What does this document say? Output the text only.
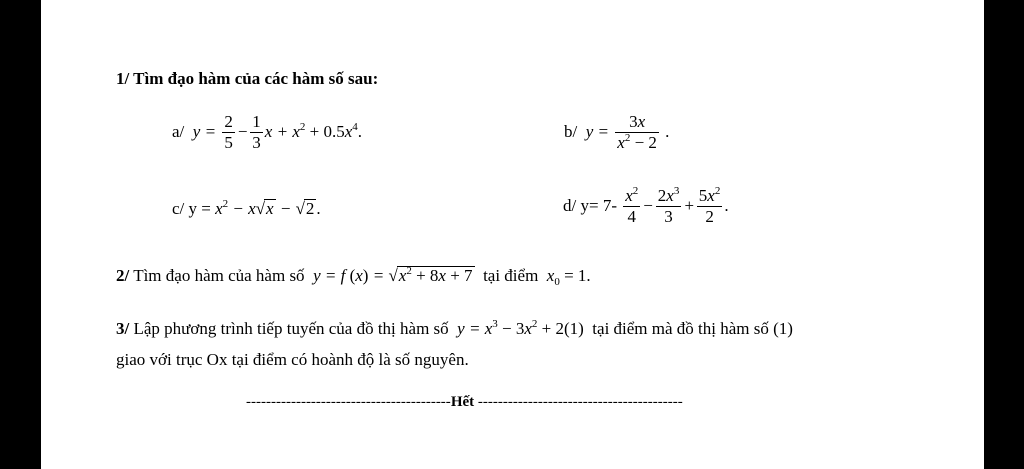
1/ Tìm đạo hàm của các hàm số sau:
a/ $y = \frac{2}{5} - \frac{1}{3}$ $x + x^2 + 0.5x^4$.	b/ $y = \frac{3x}{x^2 - 2}$ .
c/ $y = x^2 - x√x - √2$ .	d/ $y= 7- \frac{x^2}{4} - \frac{2x^3}{3} + \frac{5x^2}{2}$ .
2/ Tìm đạo hàm của hàm số y = f $(x) = √x^2 + 8x + 7$ tại điểm $x_0 = 1$.
3/ Lập phương trình tiếp tuyến của đồ thị hàm số $y = x^3 - 3x^2 + 2(1)$ tại điểm mà đồ thị hàm số (1)
giao với trục Ox tại điểm có hoành độ là số nguyên.
-----------------------------------------Hết -----------------------------------------
